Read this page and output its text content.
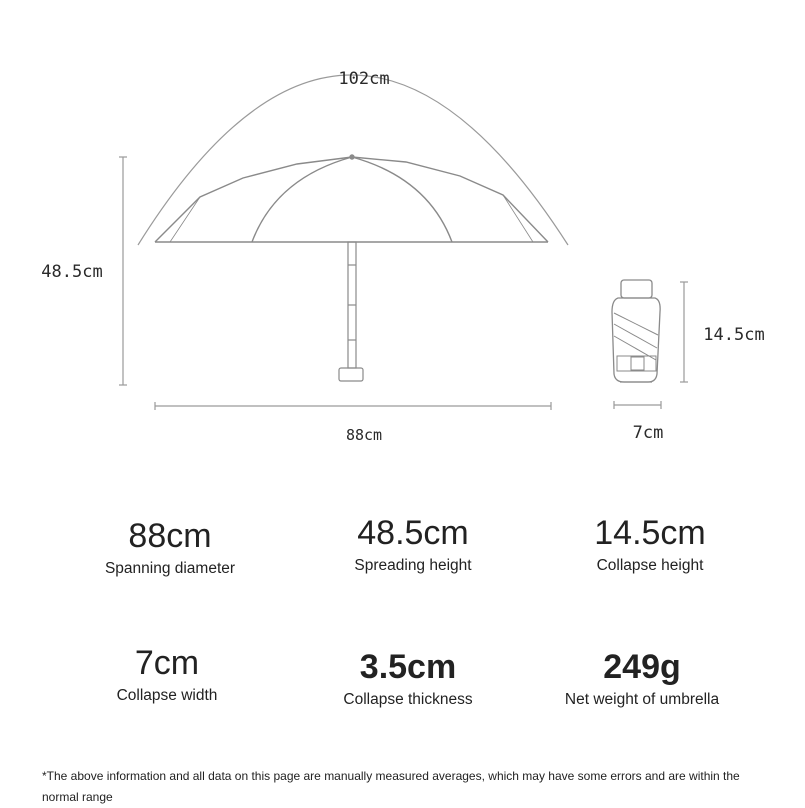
102cm
48.5cm
88cm
14.5cm
7cm
88cm
Spanning diameter
48.5cm
Spreading height
14.5cm
Collapse height
7cm
Collapse width
3.5cm
Collapse thickness
249g
Net weight of umbrella
*The above information and all data on this page are manually measured averages, which may have some errors and are within the normal range
